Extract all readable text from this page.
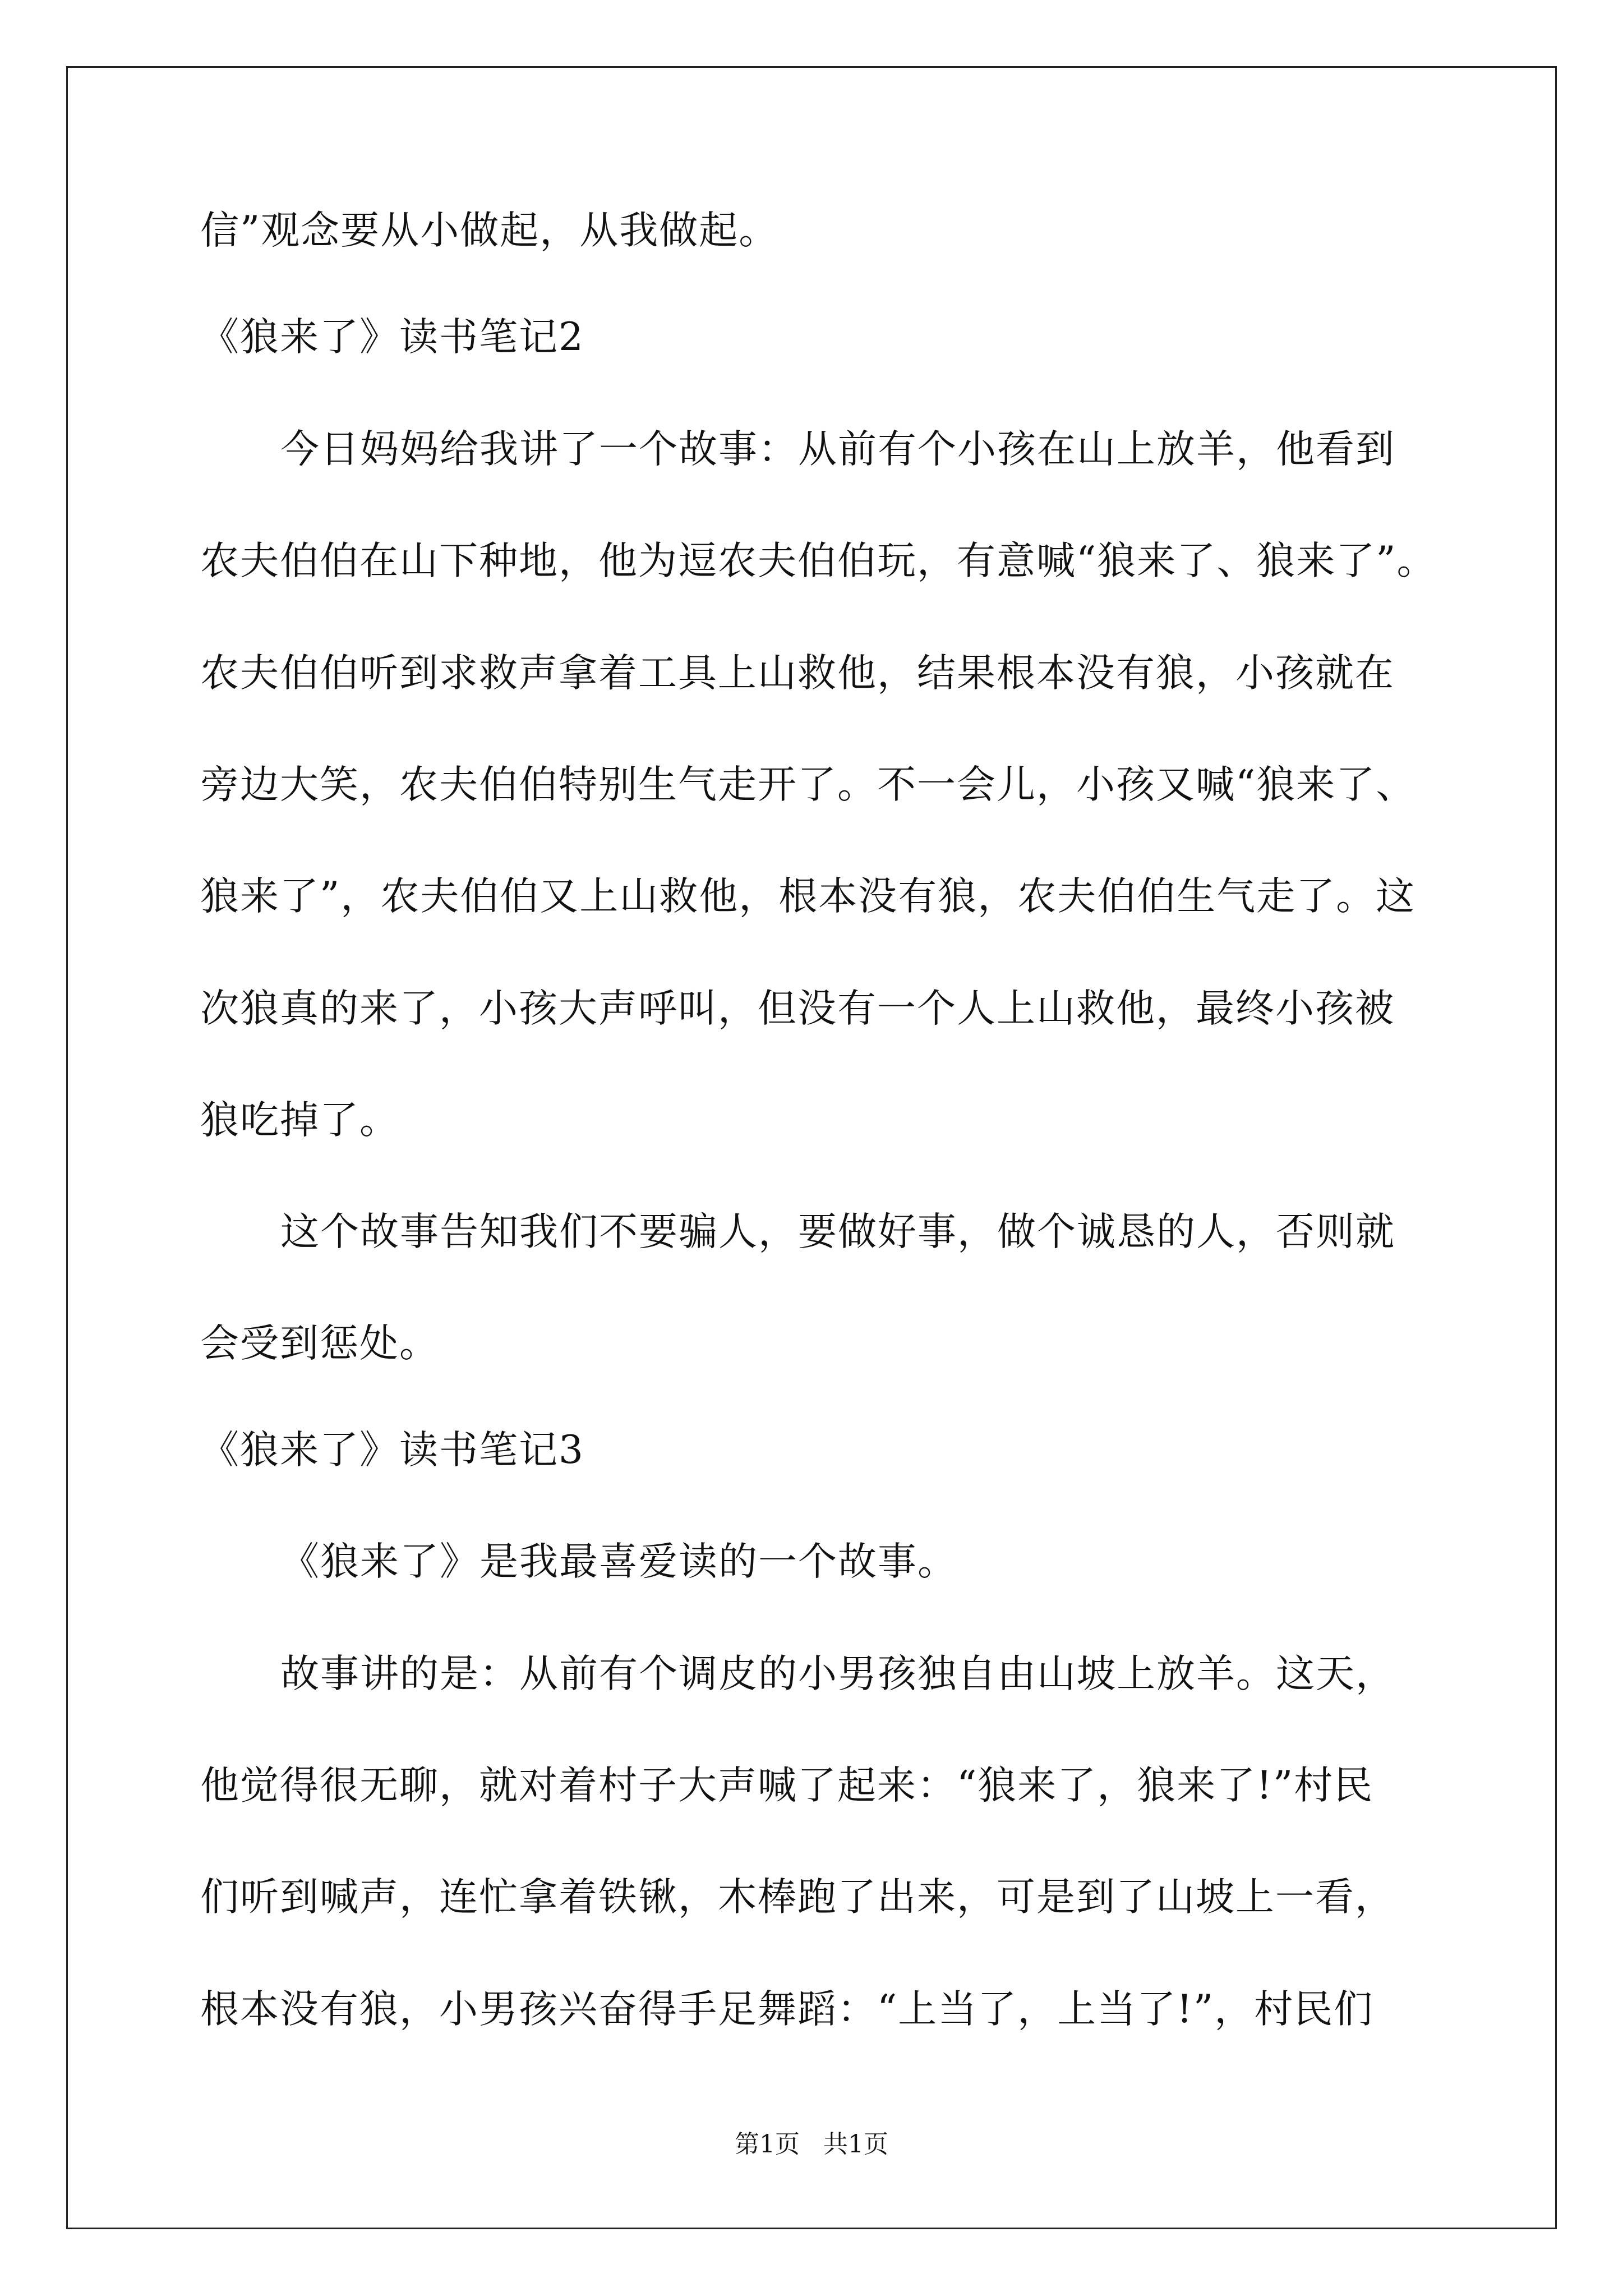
信”观念要从小做起，从我做起。
《狼来了》读书笔记2
今日妈妈给我讲了一个故事：从前有个小孩在山上放羊，他看到
农夫伯伯在山下种地，他为逗农夫伯伯玩，有意喊“狼来了、狼来了”。
农夫伯伯听到求救声拿着工具上山救他，结果根本没有狼，小孩就在
旁边大笑，农夫伯伯特别生气走开了。不一会儿，小孩又喊“狼来了、
狼来了”，农夫伯伯又上山救他，根本没有狼，农夫伯伯生气走了。这
次狼真的来了，小孩大声呼叫，但没有一个人上山救他，最终小孩被
狼吃掉了。
这个故事告知我们不要骗人，要做好事，做个诚恳的人，否则就
会受到惩处。
《狼来了》读书笔记3
《狼来了》是我最喜爱读的一个故事。
故事讲的是：从前有个调皮的小男孩独自由山坡上放羊。这天，
他觉得很无聊，就对着村子大声喊了起来：“狼来了，狼来了!”村民
们听到喊声，连忙拿着铁锹，木棒跑了出来，可是到了山坡上一看，
根本没有狼，小男孩兴奋得手足舞蹈：“上当了，上当了!”，村民们
第1页   共1页
